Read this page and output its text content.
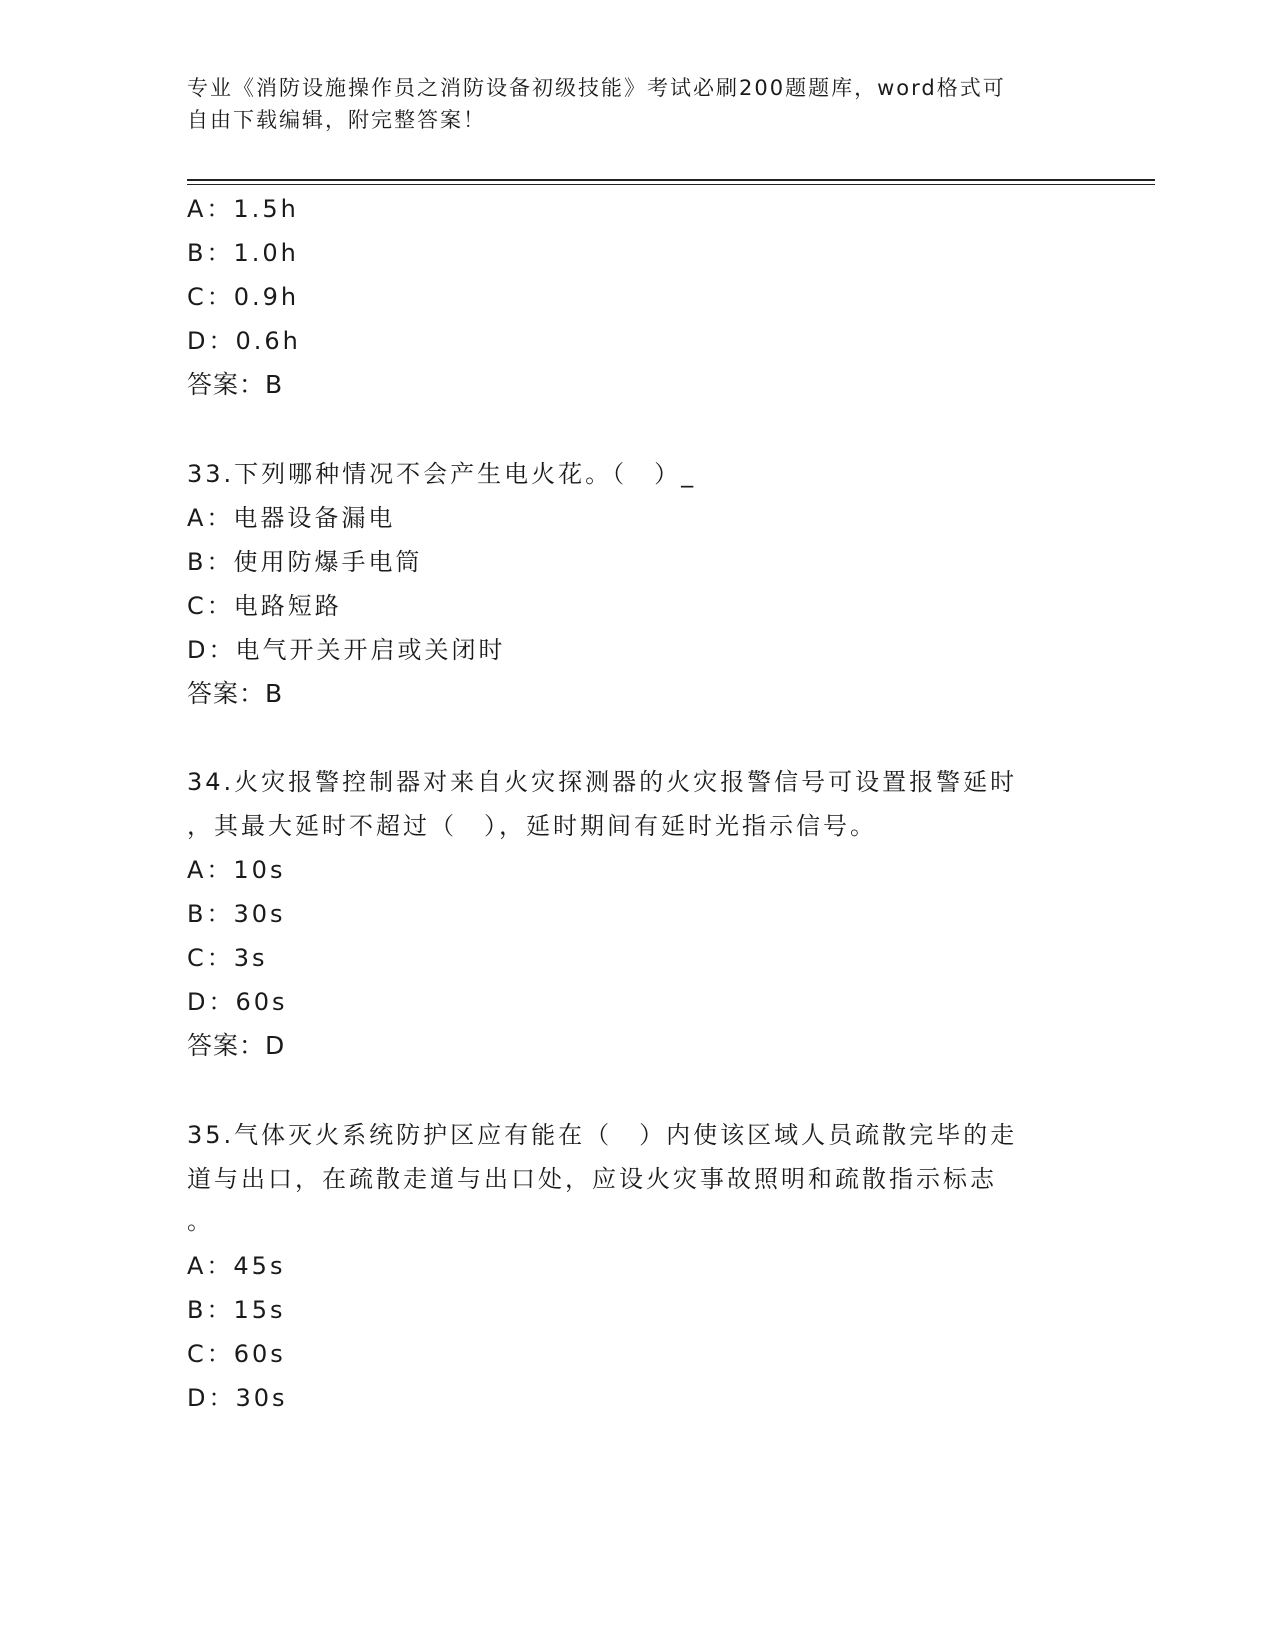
专业《消防设施操作员之消防设备初级技能》考试必刷200题题库，word格式可
自由下载编辑，附完整答案！
A：1.5h
B：1.0h
C：0.9h
D：0.6h
答案：B
33.下列哪种情况不会产生电火花。（　）_
A：电器设备漏电
B：使用防爆手电筒
C：电路短路
D：电气开关开启或关闭时
答案：B
34.火灾报警控制器对来自火灾探测器的火灾报警信号可设置报警延时
，其最大延时不超过（　），延时期间有延时光指示信号。
A：10s
B：30s
C：3s
D：60s
答案：D
35.气体灭火系统防护区应有能在（　）内使该区域人员疏散完毕的走
道与出口，在疏散走道与出口处，应设火灾事故照明和疏散指示标志
。
A：45s
B：15s
C：60s
D：30s
